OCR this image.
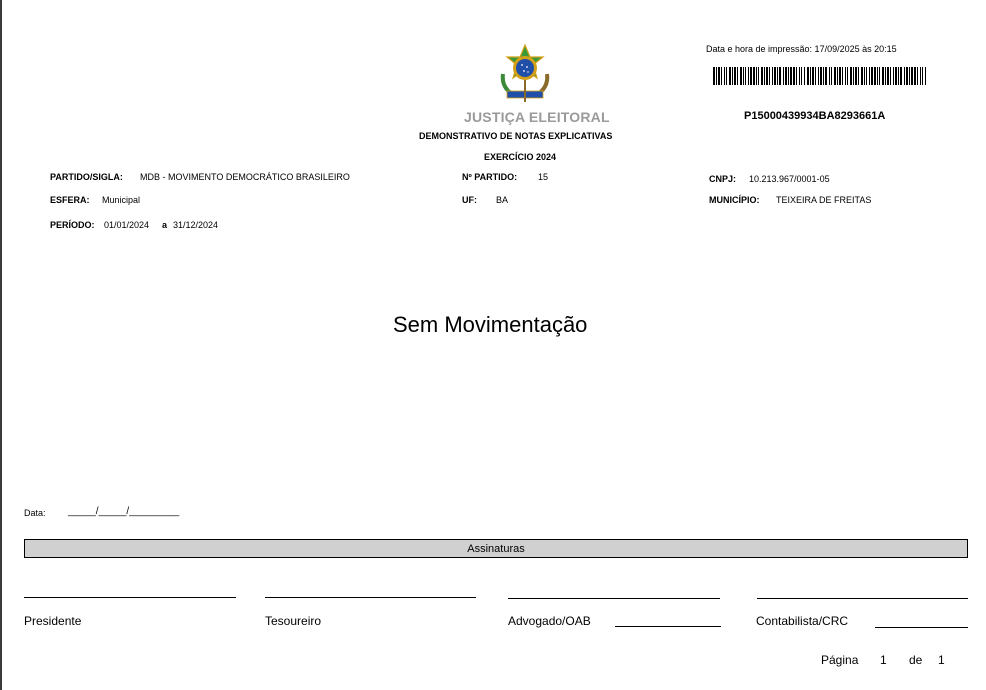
JUSTIÇA ELEITORAL
DEMONSTRATIVO DE NOTAS EXPLICATIVAS
EXERCÍCIO 2024
Data e hora de impressão: 17/09/2025 às 20:15
P15000439934BA8293661A
PARTIDO/SIGLA: MDB - MOVIMENTO DEMOCRÁTICO BRASILEIRO	Nº PARTIDO: 15	CNPJ: 10.213.967/0001-05
ESFERA: Municipal	UF: BA	MUNICÍPIO: TEIXEIRA DE FREITAS
PERÍODO: 01/01/2024 a 31/12/2024
Sem Movimentação
Data: _____/_____/_________
Assinaturas
Presidente	Tesoureiro	Advogado/OAB	Contabilista/CRC
Página 1 de 1
